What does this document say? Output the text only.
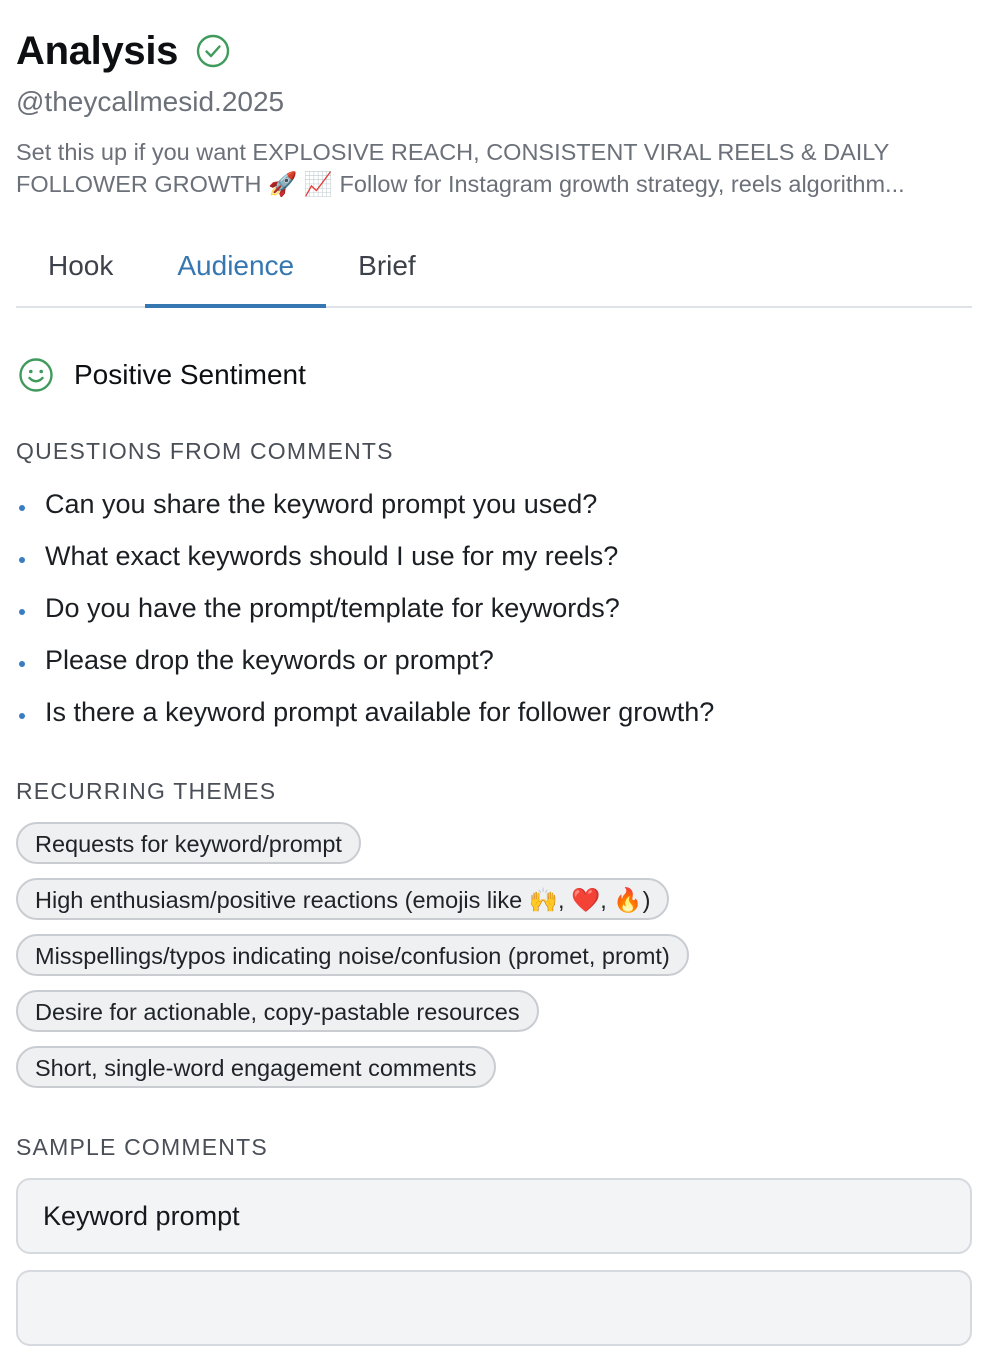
Analysis
@theycallmesid.2025
Set this up if you want EXPLOSIVE REACH, CONSISTENT VIRAL REELS & DAILY
FOLLOWER GROWTH 🚀 📈 Follow for Instagram growth strategy, reels algorithm...
Hook	Audience	Brief
Positive Sentiment
QUESTIONS FROM COMMENTS
Can you share the keyword prompt you used?
What exact keywords should I use for my reels?
Do you have the prompt/template for keywords?
Please drop the keywords or prompt?
Is there a keyword prompt available for follower growth?
RECURRING THEMES
Requests for keyword/prompt
High enthusiasm/positive reactions (emojis like 🙌, ❤️, 🔥)
Misspellings/typos indicating noise/confusion (promet, promt)
Desire for actionable, copy-pastable resources
Short, single-word engagement comments
SAMPLE COMMENTS
Keyword prompt
